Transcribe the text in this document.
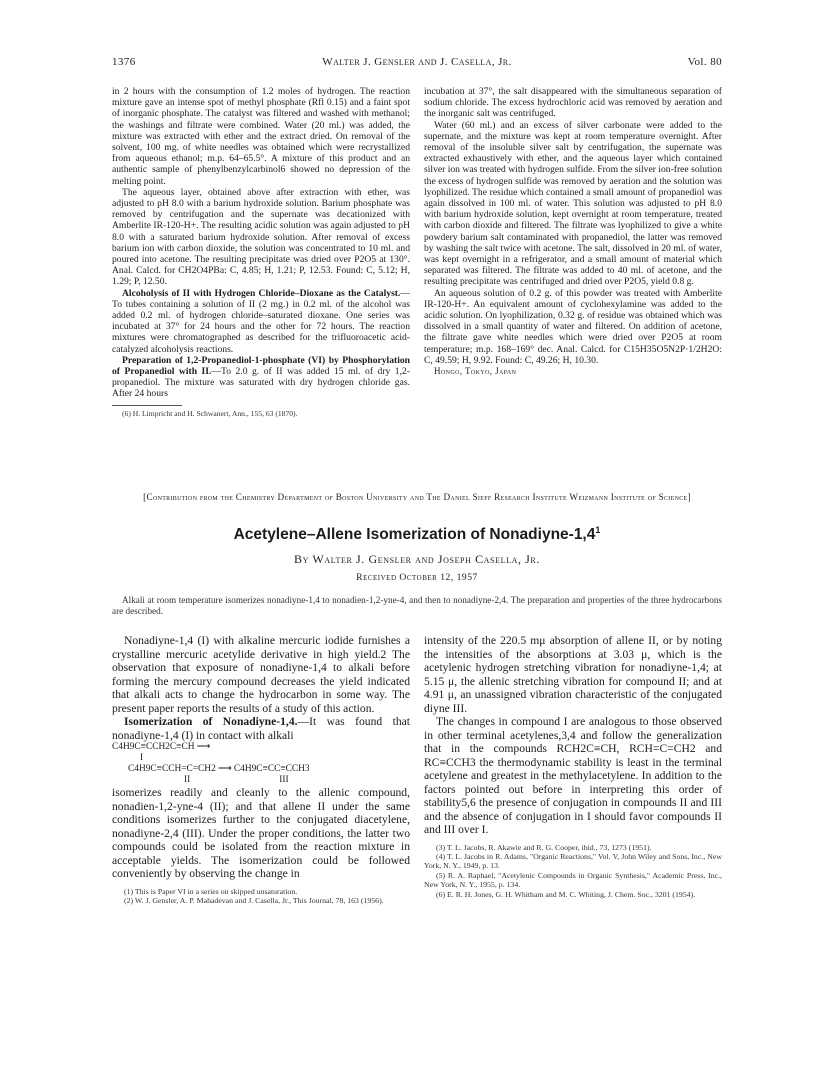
1376	Walter J. Gensler and J. Casella, Jr.	Vol. 80

in 2 hours with the consumption of 1.2 moles of hydrogen. The reaction mixture gave an intense spot of methyl phosphate (Rfl 0.15) and a faint spot of inorganic phosphate. The catalyst was filtered and washed with methanol; the washings and filtrate were combined. Water (20 ml.) was added, the mixture was extracted with ether and the extract dried. On removal of the solvent, 100 mg. of white needles was obtained which were recrystallized from aqueous ethanol; m.p. 64–65.5°. A mixture of this product and an authentic sample of phenylbenzylcarbinol6 showed no depression of the melting point.

The aqueous layer, obtained above after extraction with ether, was adjusted to pH 8.0 with a barium hydroxide solution. Barium phosphate was removed by centrifugation and the supernate was decationized with Amberlite IR-120-H+. The resulting acidic solution was again adjusted to pH 8.0 with a saturated barium hydroxide solution. After removal of excess barium ion with carbon dioxide, the solution was concentrated to 10 ml. and poured into acetone. The resulting precipitate was dried over P2O5 at 130°. Anal. Calcd. for CH2O4PBa: C, 4.85; H, 1.21; P, 12.53. Found: C, 5.12; H, 1.29; P, 12.50.

Alcoholysis of II with Hydrogen Chloride–Dioxane as the Catalyst.—To tubes containing a solution of II (2 mg.) in 0.2 ml. of the alcohol was added 0.2 ml. of hydrogen chloride–saturated dioxane. One series was incubated at 37° for 24 hours and the other for 72 hours. The reaction mixtures were chromatographed as described for the trifluoroacetic acid-catalyzed alcoholysis reactions.

Preparation of 1,2-Propanediol-1-phosphate (VI) by Phosphorylation of Propanediol with II.—To 2.0 g. of II was added 15 ml. of dry 1,2-propanediol. The mixture was saturated with dry hydrogen chloride gas. After 24 hours

(6) H. Limpricht and H. Schwanert, Ann., 155, 63 (1870).

incubation at 37°, the salt disappeared with the simultaneous separation of sodium chloride. The excess hydrochloric acid was removed by aeration and the inorganic salt was centrifuged.

Water (60 ml.) and an excess of silver carbonate were added to the supernate, and the mixture was kept at room temperature overnight. After removal of the insoluble silver salt by centrifugation, the supernate was extracted exhaustively with ether, and the aqueous layer which contained silver ion was treated with hydrogen sulfide. From the silver ion-free solution the excess of hydrogen sulfide was removed by aeration and the solution was lyophilized. The residue which contained a small amount of propanediol was again dissolved in 100 ml. of water. This solution was adjusted to pH 8.0 with barium hydroxide solution, kept overnight at room temperature, treated with carbon dioxide and filtered. The filtrate was lyophilized to give a white powdery barium salt contaminated with propanediol, the latter was removed by washing the salt twice with acetone. The salt, dissolved in 20 ml. of water, was kept overnight in a refrigerator, and a small amount of material which separated was filtered. The filtrate was added to 40 ml. of acetone, and the resulting precipitate was centrifuged and dried over P2O5, yield 0.8 g.

An aqueous solution of 0.2 g. of this powder was treated with Amberlite IR-120-H+. An equivalent amount of cyclohexylamine was added to the acidic solution. On lyophilization, 0.32 g. of residue was obtained which was dissolved in a small quantity of water and filtered. On addition of acetone, the filtrate gave white needles which were dried over P2O5 at room temperature; m.p. 168–169° dec. Anal. Calcd. for C15H35O5N2P·1/2H2O: C, 49.59; H, 9.92. Found: C, 49.26; H, 10.30.

Hongo, Tokyo, Japan

[Contribution from the Chemistry Department of Boston University and The Daniel Sieff Research Institute Weizmann Institute of Science]
Acetylene–Allene Isomerization of Nonadiyne-$1,4^1$
By Walter J. Gensler and Joseph Casella, Jr.
Received October 12, 1957

Alkali at room temperature isomerizes nonadiyne-1,4 to nonadien-1,2-yne-4, and then to nonadiyne-2,4. The preparation and properties of the three hydrocarbons are described.

Nonadiyne-1,4 (I) with alkaline mercuric iodide furnishes a crystalline mercuric acetylide derivative in high yield.2 The observation that exposure of nonadiyne-1,4 to alkali before forming the mercury compound decreases the yield indicated that alkali acts to change the hydrocarbon in some way. The present paper reports the results of a study of this action.

Isomerization of Nonadiyne-1,4.—It was found that nonadiyne-1,4 (I) in contact with alkali

C4H9C≡CCH2C≡CH ⟶
I
C4H9C≡CCH=C=CH2 ⟶ C4H9C≡CC≡CCH3
II                                      III

isomerizes readily and cleanly to the allenic compound, nonadien-1,2-yne-4 (II); and that allene II under the same conditions isomerizes further to the conjugated diacetylene, nonadiyne-2,4 (III). Under the proper conditions, the latter two compounds could be isolated from the reaction mixture in acceptable yields. The isomerization could be followed conveniently by observing the change in

(1) This is Paper VI in a series on skipped unsaturation.

(2) W. J. Gensler, A. P. Mahadevan and J. Casella, Jr., This Journal, 78, 163 (1956).

intensity of the 220.5 mμ absorption of allene II, or by noting the intensities of the absorptions at 3.03 μ, which is the acetylenic hydrogen stretching vibration for nonadiyne-1,4; at 5.15 μ, the allenic stretching vibration for compound II; and at 4.91 μ, an unassigned vibration characteristic of the conjugated diyne III.

The changes in compound I are analogous to those observed in other terminal acetylenes,3,4 and follow the generalization that in the compounds RCH2C≡CH, RCH=C=CH2 and RC≡CCH3 the thermodynamic stability is least in the terminal acetylene and greatest in the methylacetylene. In addition to the factors pointed out before in interpreting this order of stability5,6 the presence of conjugation in compounds II and III and the absence of conjugation in I should favor compounds II and III over I.

(3) T. L. Jacobs, R. Akawie and R. G. Cooper, ibid., 73, 1273 (1951).

(4) T. L. Jacobs in R. Adams, "Organic Reactions," Vol. V, John Wiley and Sons, Inc., New York, N. Y., 1949, p. 13.

(5) R. A. Raphael, "Acetylenic Compounds in Organic Synthesis," Academic Press, Inc., New York, N. Y., 1955, p. 134.

(6) E. R. H. Jones, G. H. Whitham and M. C. Whiting, J. Chem. Soc., 3201 (1954).
